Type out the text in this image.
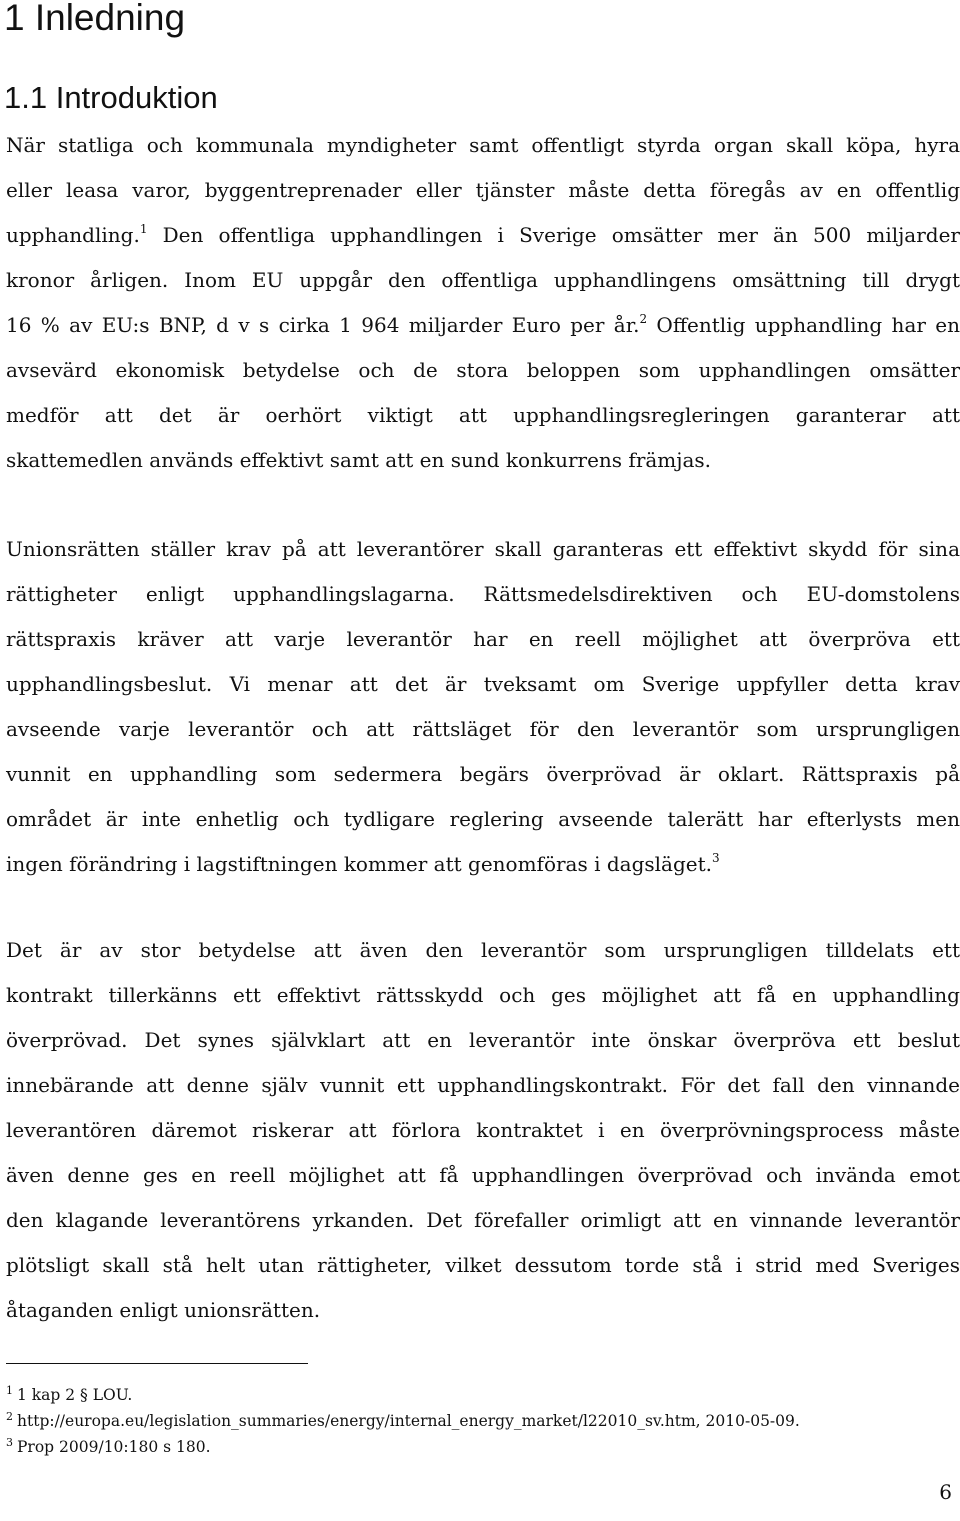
1 Inledning
1.1 Introduktion
När statliga och kommunala myndigheter samt offentligt styrda organ skall köpa, hyra
eller leasa varor, byggentreprenader eller tjänster måste detta föregås av en offentlig
upphandling.$^1$ Den offentliga upphandlingen i Sverige omsätter mer än 500 miljarder
kronor årligen. Inom EU uppgår den offentliga upphandlingens omsättning till drygt
16 % av EU:s BNP, d v s cirka 1 964 miljarder Euro per år.$^2$ Offentlig upphandling har en
avsevärd ekonomisk betydelse och de stora beloppen som upphandlingen omsätter
medför att det är oerhört viktigt att upphandlingsregleringen garanterar att
skattemedlen används effektivt samt att en sund konkurrens främjas.
Unionsrätten ställer krav på att leverantörer skall garanteras ett effektivt skydd för sina
rättigheter enligt upphandlingslagarna. Rättsmedelsdirektiven och EU-domstolens
rättspraxis kräver att varje leverantör har en reell möjlighet att överpröva ett
upphandlingsbeslut. Vi menar att det är tveksamt om Sverige uppfyller detta krav
avseende varje leverantör och att rättsläget för den leverantör som ursprungligen
vunnit en upphandling som sedermera begärs överprövad är oklart. Rättspraxis på
området är inte enhetlig och tydligare reglering avseende talerätt har efterlysts men
ingen förändring i lagstiftningen kommer att genomföras i dagsläget.$^3$
Det är av stor betydelse att även den leverantör som ursprungligen tilldelats ett
kontrakt tillerkänns ett effektivt rättsskydd och ges möjlighet att få en upphandling
överprövad. Det synes självklart att en leverantör inte önskar överpröva ett beslut
innebärande att denne själv vunnit ett upphandlingskontrakt. För det fall den vinnande
leverantören däremot riskerar att förlora kontraktet i en överprövningsprocess måste
även denne ges en reell möjlighet att få upphandlingen överprövad och invända emot
den klagande leverantörens yrkanden. Det förefaller orimligt att en vinnande leverantör
plötsligt skall stå helt utan rättigheter, vilket dessutom torde stå i strid med Sveriges
åtaganden enligt unionsrätten.
$^1$ 1 kap 2 § LOU.
$^2$ http://europa.eu/legislation_summaries/energy/internal_energy_market/l22010_sv.htm, 2010-05-09.
$^3$ Prop 2009/10:180 s 180.
6
